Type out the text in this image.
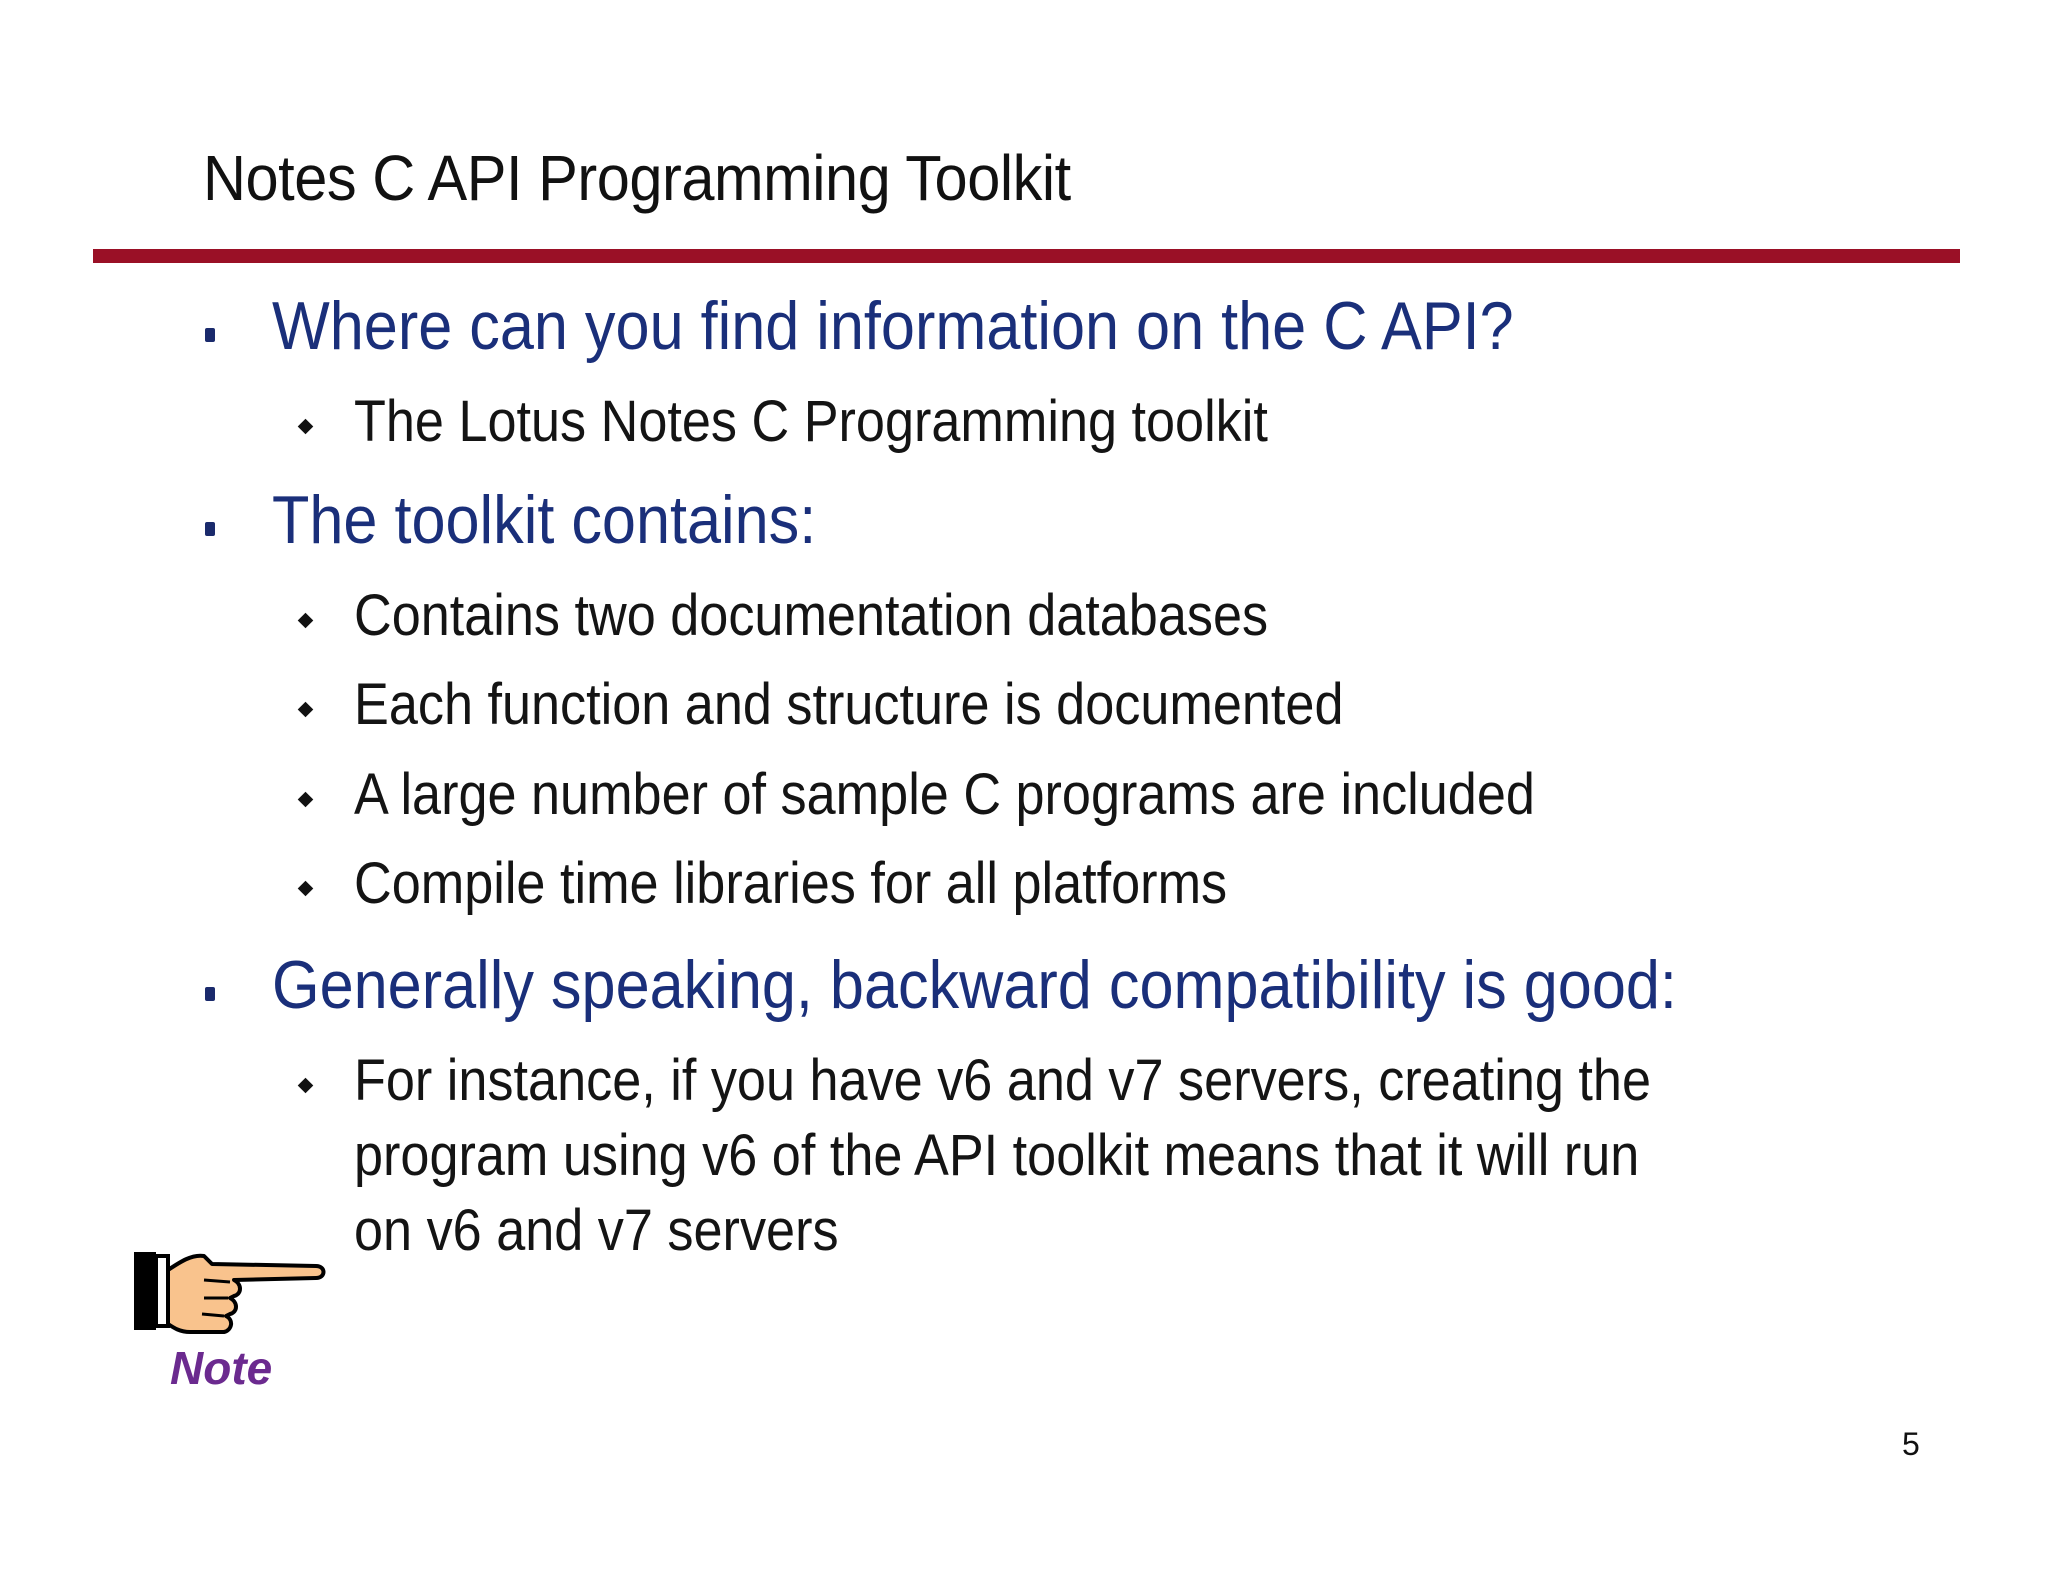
Notes C API Programming Toolkit
Where can you find information on the C API?
The Lotus Notes C Programming toolkit
The toolkit contains:
Contains two documentation databases
Each function and structure is documented
A large number of sample C programs are included
Compile time libraries for all platforms
Generally speaking, backward compatibility is good:
For instance, if you have v6 and v7 servers, creating the
program using v6 of the API toolkit means that it will run
on v6 and v7 servers
Note
5
